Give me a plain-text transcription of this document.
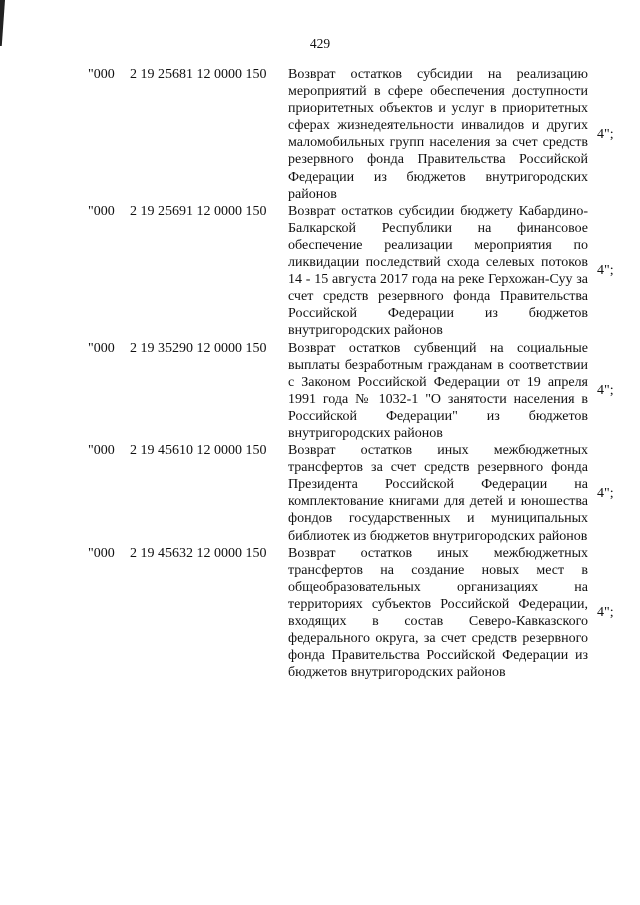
429
"000 2 19 25681 12 0000 150 Возврат остатков субсидии на реализацию мероприятий в сфере обеспечения доступности приоритетных объектов и услуг в приоритетных сферах жизнедеятельности инвалидов и других маломобильных групп населения за счет средств резервного фонда Правительства Российской Федерации из бюджетов внутригородских районов
4";
"000 2 19 25691 12 0000 150 Возврат остатков субсидии бюджету Кабардино-Балкарской Республики на финансовое обеспечение реализации мероприятия по ликвидации последствий схода селевых потоков 14 - 15 августа 2017 года на реке Герхожан-Суу за счет средств резервного фонда Правительства Российской Федерации из бюджетов внутригородских районов
4";
"000 2 19 35290 12 0000 150 Возврат остатков субвенций на социальные выплаты безработным гражданам в соответствии с Законом Российской Федерации от 19 апреля 1991 года № 1032-1 "О занятости населения в Российской Федерации" из бюджетов внутригородских районов
4";
"000 2 19 45610 12 0000 150 Возврат остатков иных межбюджетных трансфертов за счет средств резервного фонда Президента Российской Федерации на комплектование книгами для детей и юношества фондов государственных и муниципальных библиотек из бюджетов внутригородских районов
4";
"000 2 19 45632 12 0000 150 Возврат остатков иных межбюджетных трансфертов на создание новых мест в общеобразовательных организациях на территориях субъектов Российской Федерации, входящих в состав Северо-Кавказского федерального округа, за счет средств резервного фонда Правительства Российской Федерации из бюджетов внутригородских районов
4";
